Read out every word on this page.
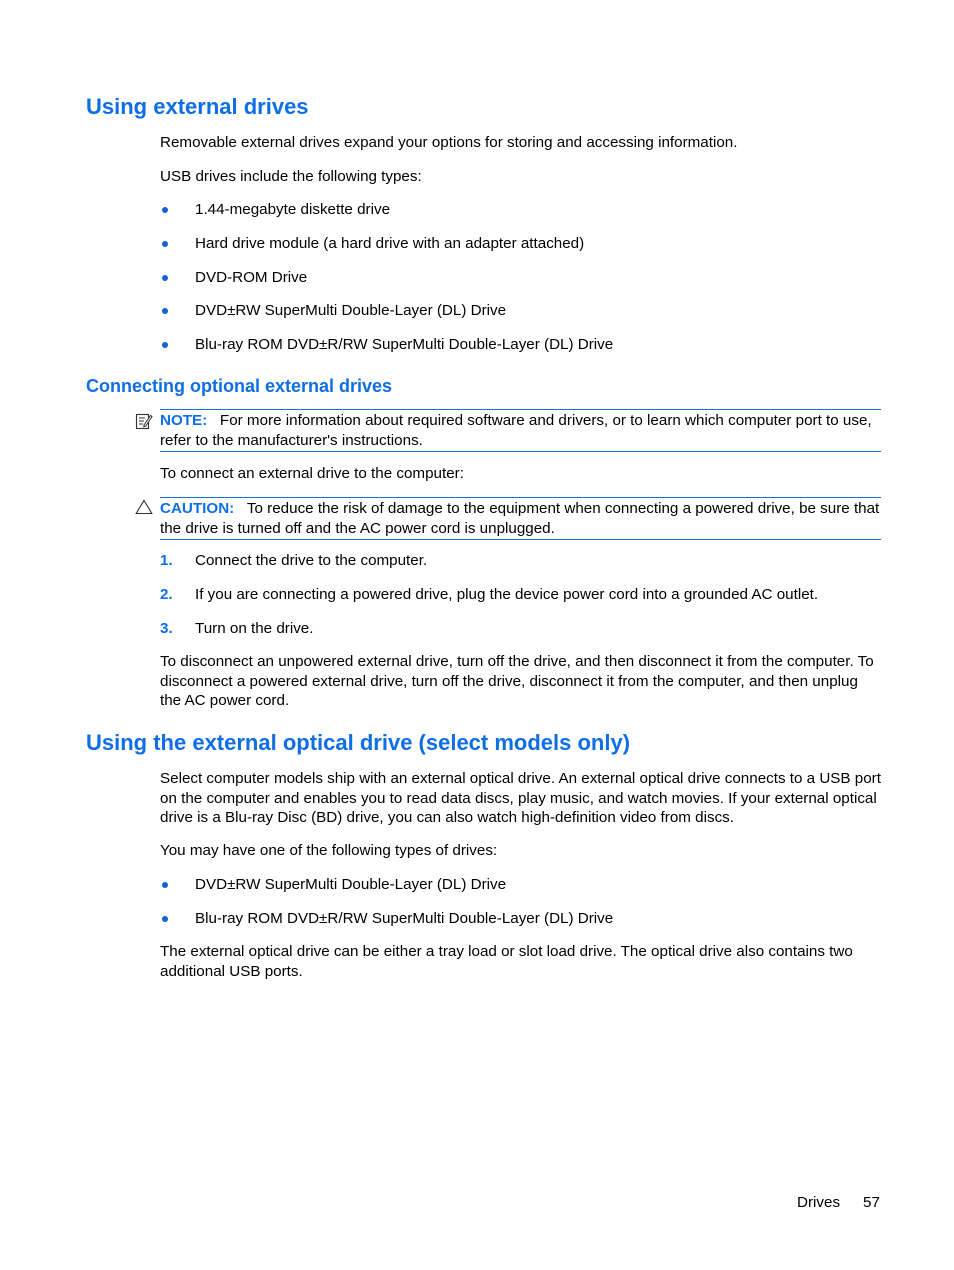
Using external drives
Removable external drives expand your options for storing and accessing information.
USB drives include the following types:
1.44-megabyte diskette drive
Hard drive module (a hard drive with an adapter attached)
DVD-ROM Drive
DVD±RW SuperMulti Double-Layer (DL) Drive
Blu-ray ROM DVD±R/RW SuperMulti Double-Layer (DL) Drive
Connecting optional external drives
NOTE: For more information about required software and drivers, or to learn which computer port to use, refer to the manufacturer's instructions.
To connect an external drive to the computer:
CAUTION: To reduce the risk of damage to the equipment when connecting a powered drive, be sure that the drive is turned off and the AC power cord is unplugged.
1. Connect the drive to the computer.
2. If you are connecting a powered drive, plug the device power cord into a grounded AC outlet.
3. Turn on the drive.
To disconnect an unpowered external drive, turn off the drive, and then disconnect it from the computer. To disconnect a powered external drive, turn off the drive, disconnect it from the computer, and then unplug the AC power cord.
Using the external optical drive (select models only)
Select computer models ship with an external optical drive. An external optical drive connects to a USB port on the computer and enables you to read data discs, play music, and watch movies. If your external optical drive is a Blu-ray Disc (BD) drive, you can also watch high-definition video from discs.
You may have one of the following types of drives:
DVD±RW SuperMulti Double-Layer (DL) Drive
Blu-ray ROM DVD±R/RW SuperMulti Double-Layer (DL) Drive
The external optical drive can be either a tray load or slot load drive. The optical drive also contains two additional USB ports.
Drives 57
